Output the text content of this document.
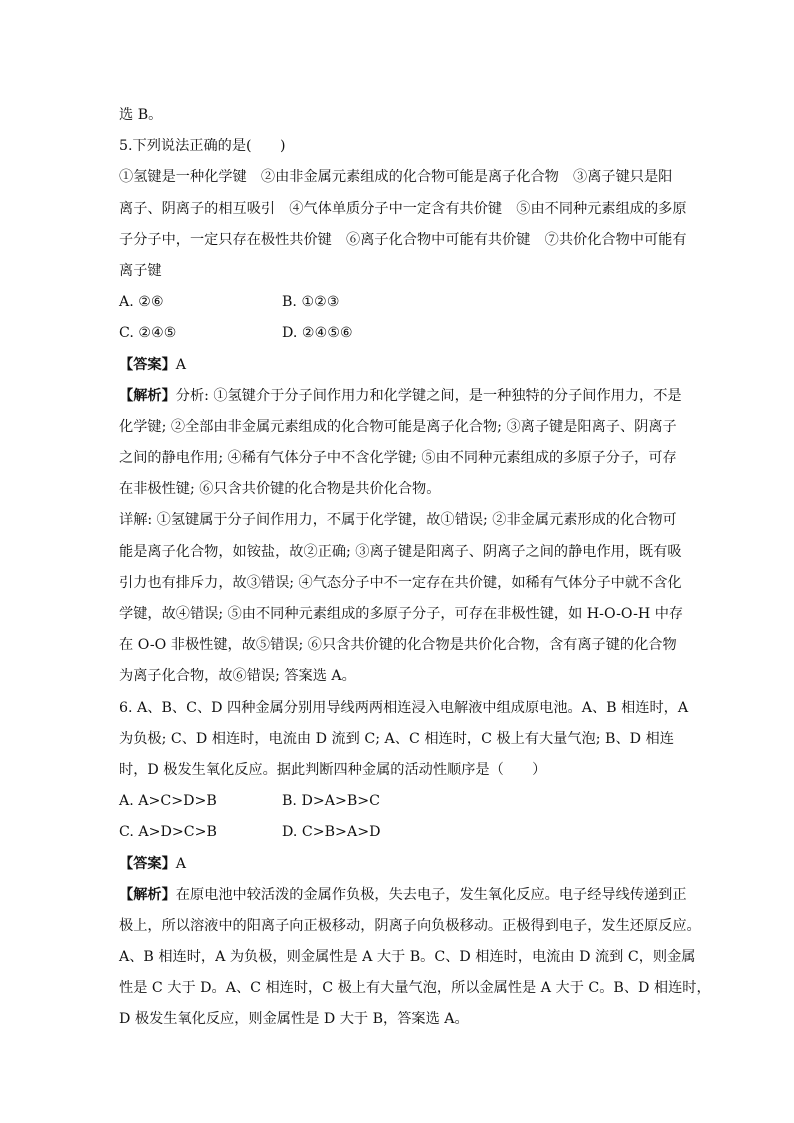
选 B。
5.下列说法正确的是(　　)
①氢键是一种化学键　②由非金属元素组成的化合物可能是离子化合物　③离子键只是阳
离子、阴离子的相互吸引　④气体单质分子中一定含有共价键　⑤由不同种元素组成的多原
子分子中，一定只存在极性共价键　⑥离子化合物中可能有共价键　⑦共价化合物中可能有
离子键
A. ②⑥	B. ①②③
C. ②④⑤	D. ②④⑤⑥
【答案】A
【解析】分析: ①氢键介于分子间作用力和化学键之间，是一种独特的分子间作用力，不是
化学键; ②全部由非金属元素组成的化合物可能是离子化合物; ③离子键是阳离子、阴离子
之间的静电作用; ④稀有气体分子中不含化学键; ⑤由不同种元素组成的多原子分子，可存
在非极性键; ⑥只含共价键的化合物是共价化合物。
详解: ①氢键属于分子间作用力，不属于化学键，故①错误; ②非金属元素形成的化合物可
能是离子化合物，如铵盐，故②正确; ③离子键是阳离子、阴离子之间的静电作用，既有吸
引力也有排斥力，故③错误; ④气态分子中不一定存在共价键，如稀有气体分子中就不含化
学键，故④错误; ⑤由不同种元素组成的多原子分子，可存在非极性键，如 H-O-O-H 中存
在 O-O 非极性键，故⑤错误; ⑥只含共价键的化合物是共价化合物，含有离子键的化合物
为离子化合物，故⑥错误; 答案选 A。
6. A、B、C、D 四种金属分别用导线两两相连浸入电解液中组成原电池。A、B 相连时，A
为负极; C、D 相连时，电流由 D 流到 C; A、C 相连时，C 极上有大量气泡; B、D 相连
时，D 极发生氧化反应。据此判断四种金属的活动性顺序是（　　）
A. A>C>D>B	B. D>A>B>C
C. A>D>C>B	D. C>B>A>D
【答案】A
【解析】在原电池中较活泼的金属作负极，失去电子，发生氧化反应。电子经导线传递到正
极上，所以溶液中的阳离子向正极移动，阴离子向负极移动。正极得到电子，发生还原反应。
A、B 相连时，A 为负极，则金属性是 A 大于 B。C、D 相连时，电流由 D 流到 C，则金属
性是 C 大于 D。A、C 相连时，C 极上有大量气泡，所以金属性是 A 大于 C。B、D 相连时，
D 极发生氧化反应，则金属性是 D 大于 B，答案选 A。
